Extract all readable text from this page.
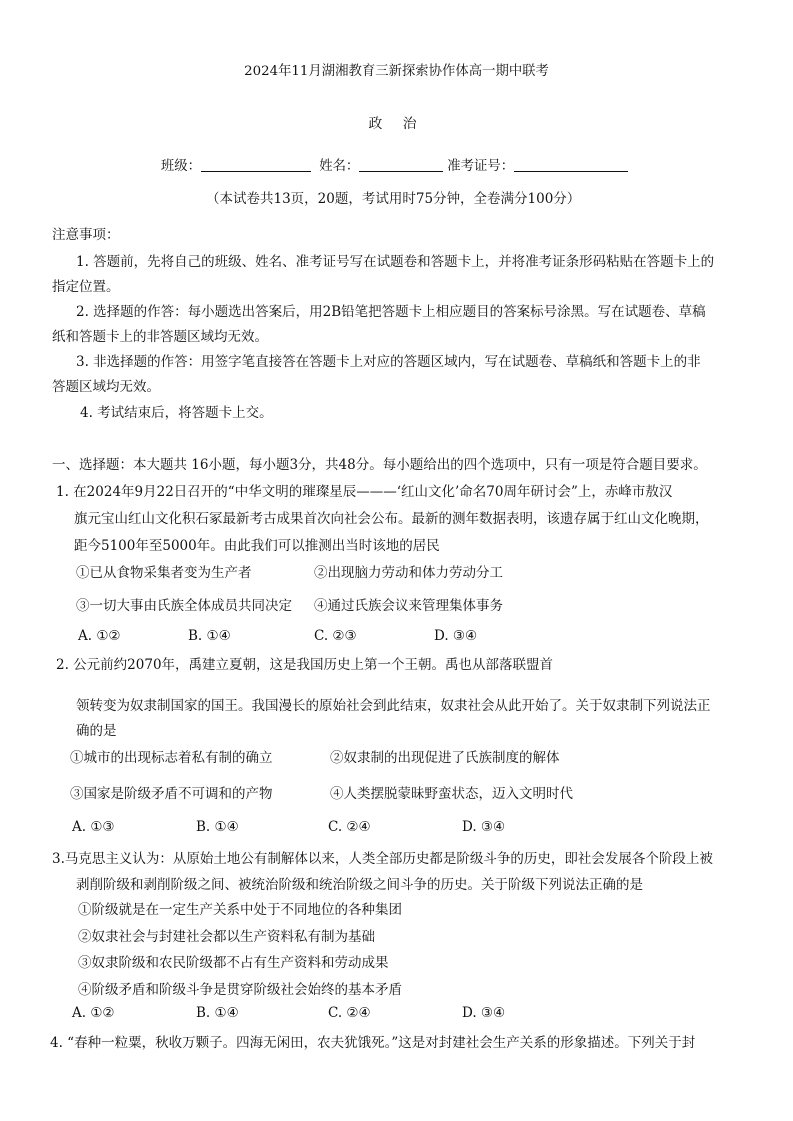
2024年11月湖湘教育三新探索协作体高一期中联考
政 治
班级：	姓名：	准考证号：
（本试卷共13页，20题，考试用时75分钟，全卷满分100分）
注意事项：
1. 答题前，先将自己的班级、姓名、准考证号写在试题卷和答题卡上，并将准考证条形码粘贴在答题卡上的
指定位置。
2. 选择题的作答：每小题选出答案后，用2B铅笔把答题卡上相应题目的答案标号涂黑。写在试题卷、草稿
纸和答题卡上的非答题区域均无效。
3. 非选择题的作答：用签字笔直接答在答题卡上对应的答题区域内，写在试题卷、草稿纸和答题卡上的非
答题区域均无效。
4. 考试结束后，将答题卡上交。
一、选择题：本大题共 16小题，每小题3分，共48分。每小题给出的四个选项中，只有一项是符合题目要求。
1. 在2024年9月22日召开的“中华文明的璀璨星辰———‘红山文化’命名70周年研讨会”上，赤峰市敖汉
旗元宝山红山文化积石冢最新考古成果首次向社会公布。最新的测年数据表明，该遗存属于红山文化晚期，
距今5100年至5000年。由此我们可以推测出当时该地的居民
①已从食物采集者变为生产者	②出现脑力劳动和体力劳动分工
③一切大事由氏族全体成员共同决定 ④通过氏族会议来管理集体事务
A. ①②	B. ①④	C. ②③	D. ③④
2. 公元前约2070年，禹建立夏朝，这是我国历史上第一个王朝。禹也从部落联盟首
领转变为奴隶制国家的国王。我国漫长的原始社会到此结束，奴隶社会从此开始了。关于奴隶制下列说法正
确的是
①城市的出现标志着私有制的确立	②奴隶制的出现促进了氏族制度的解体
③国家是阶级矛盾不可调和的产物	④人类摆脱蒙昧野蛮状态，迈入文明时代
A. ①③	B. ①④	C. ②④	D. ③④
3.马克思主义认为：从原始土地公有制解体以来，人类全部历史都是阶级斗争的历史，即社会发展各个阶段上被
剥削阶级和剥削阶级之间、被统治阶级和统治阶级之间斗争的历史。关于阶级下列说法正确的是
①阶级就是在一定生产关系中处于不同地位的各种集团
②奴隶社会与封建社会都以生产资料私有制为基础
③奴隶阶级和农民阶级都不占有生产资料和劳动成果
④阶级矛盾和阶级斗争是贯穿阶级社会始终的基本矛盾
A. ①②	B. ①④	C. ②④	D. ③④
4. “春种一粒粟，秋收万颗子。四海无闲田，农夫犹饿死。”这是对封建社会生产关系的形象描述。下列关于封
